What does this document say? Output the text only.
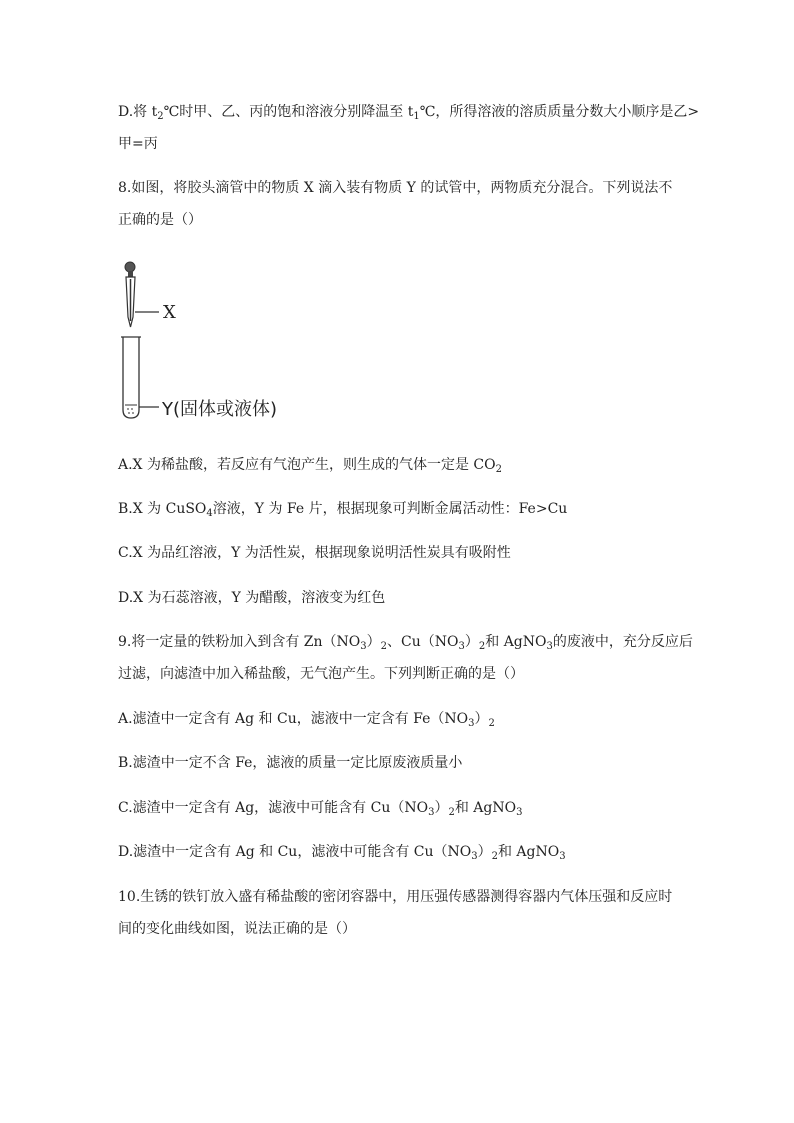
D.将 $t_2℃$时甲、乙、丙的饱和溶液分别降温至 $t_1℃$，所得溶液的溶质质量分数大小顺序是乙>
甲=丙
8.如图，将胶头滴管中的物质 X 滴入装有物质 Y 的试管中，两物质充分混合。下列说法不
正确的是（）
X
Y(固体或液体)
A.X 为稀盐酸，若反应有气泡产生，则生成的气体一定是 $CO_2$
B.X 为 CuSO$_4$溶液，Y 为 Fe 片，根据现象可判断金属活动性：Fe>Cu
C.X 为品红溶液，Y 为活性炭，根据现象说明活性炭具有吸附性
D.X 为石蕊溶液，Y 为醋酸，溶液变为红色
9.将一定量的铁粉加入到含有 $Zn(NO_3)_2$、$Cu(NO_3)_2$和 AgNO$_3$的废液中，充分反应后
过滤，向滤渣中加入稀盐酸，无气泡产生。下列判断正确的是（）
A.滤渣中一定含有 Ag 和 Cu，滤液中一定含有 $Fe(NO_3)_2$
B.滤渣中一定不含 Fe，滤液的质量一定比原废液质量小
C.滤渣中一定含有 Ag，滤液中可能含有 $Cu(NO_3)_2$和 AgNO$_3$
D.滤渣中一定含有 Ag 和 Cu，滤液中可能含有 $Cu(NO_3)_2$和 AgNO$_3$
10.生锈的铁钉放入盛有稀盐酸的密闭容器中，用压强传感器测得容器内气体压强和反应时
间的变化曲线如图，说法正确的是（）
